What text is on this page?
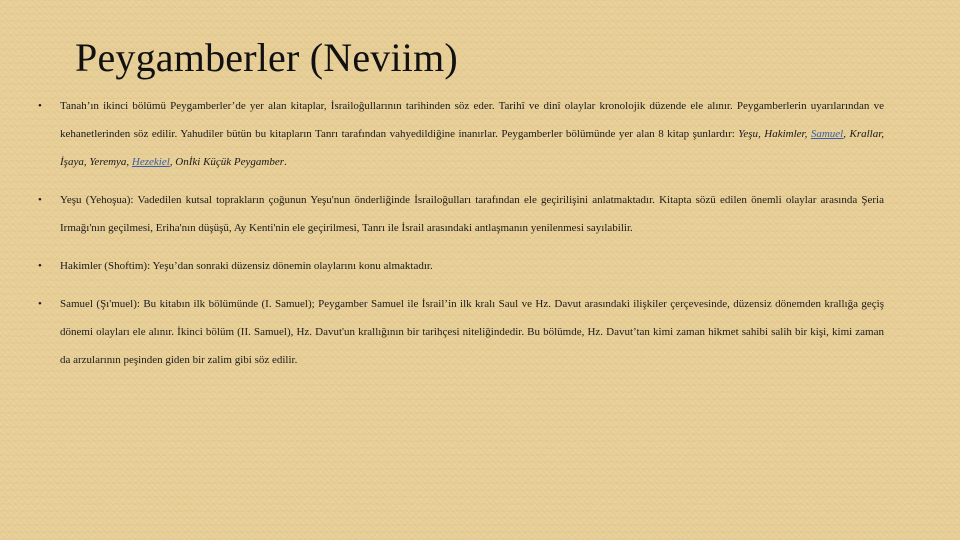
Peygamberler (Neviim)
• Tanah’ın ikinci bölümü Peygamberler’de yer alan kitaplar, İsrailoğullarının tarihinden söz eder. Tarihî ve dinî olaylar kronolojik düzende ele alınır. Peygamberlerin uyarılarından ve kehanetlerinden söz edilir. Yahudiler bütün bu kitapların Tanrı tarafından vahyedildiğine inanırlar. Peygamberler bölümünde yer alan 8 kitap şunlardır: Yeşu, Hakimler, Samuel, Krallar, İşaya, Yeremya, Hezekiel, Onİki Küçük Peygamber.
• Yeşu (Yehoşua): Vadedilen kutsal toprakların çoğunun Yeşu'nun önderliğinde İsrailoğulları tarafından ele geçirilişini anlatmaktadır. Kitapta sözü edilen önemli olaylar arasında Şeria Irmağı'nın geçilmesi, Eriha'nın düşüşü, Ay Kenti'nin ele geçirilmesi, Tanrı ile İsrail arasındaki antlaşmanın yenilenmesi sayılabilir.
• Hakimler (Shoftim): Yeşu’dan sonraki düzensiz dönemin olaylarını konu almaktadır.
• Samuel (Şı'muel): Bu kitabın ilk bölümünde (I. Samuel); Peygamber Samuel ile İsrail’in ilk kralı Saul ve Hz. Davut arasındaki ilişkiler çerçevesinde, düzensiz dönemden krallığa geçiş dönemi olayları ele alınır. İkinci bölüm (II. Samuel), Hz. Davut'un krallığının bir tarihçesi niteliğindedir. Bu bölümde, Hz. Davut’tan kimi zaman hikmet sahibi salih bir kişi, kimi zaman da arzularının peşinden giden bir zalim gibi söz edilir.
